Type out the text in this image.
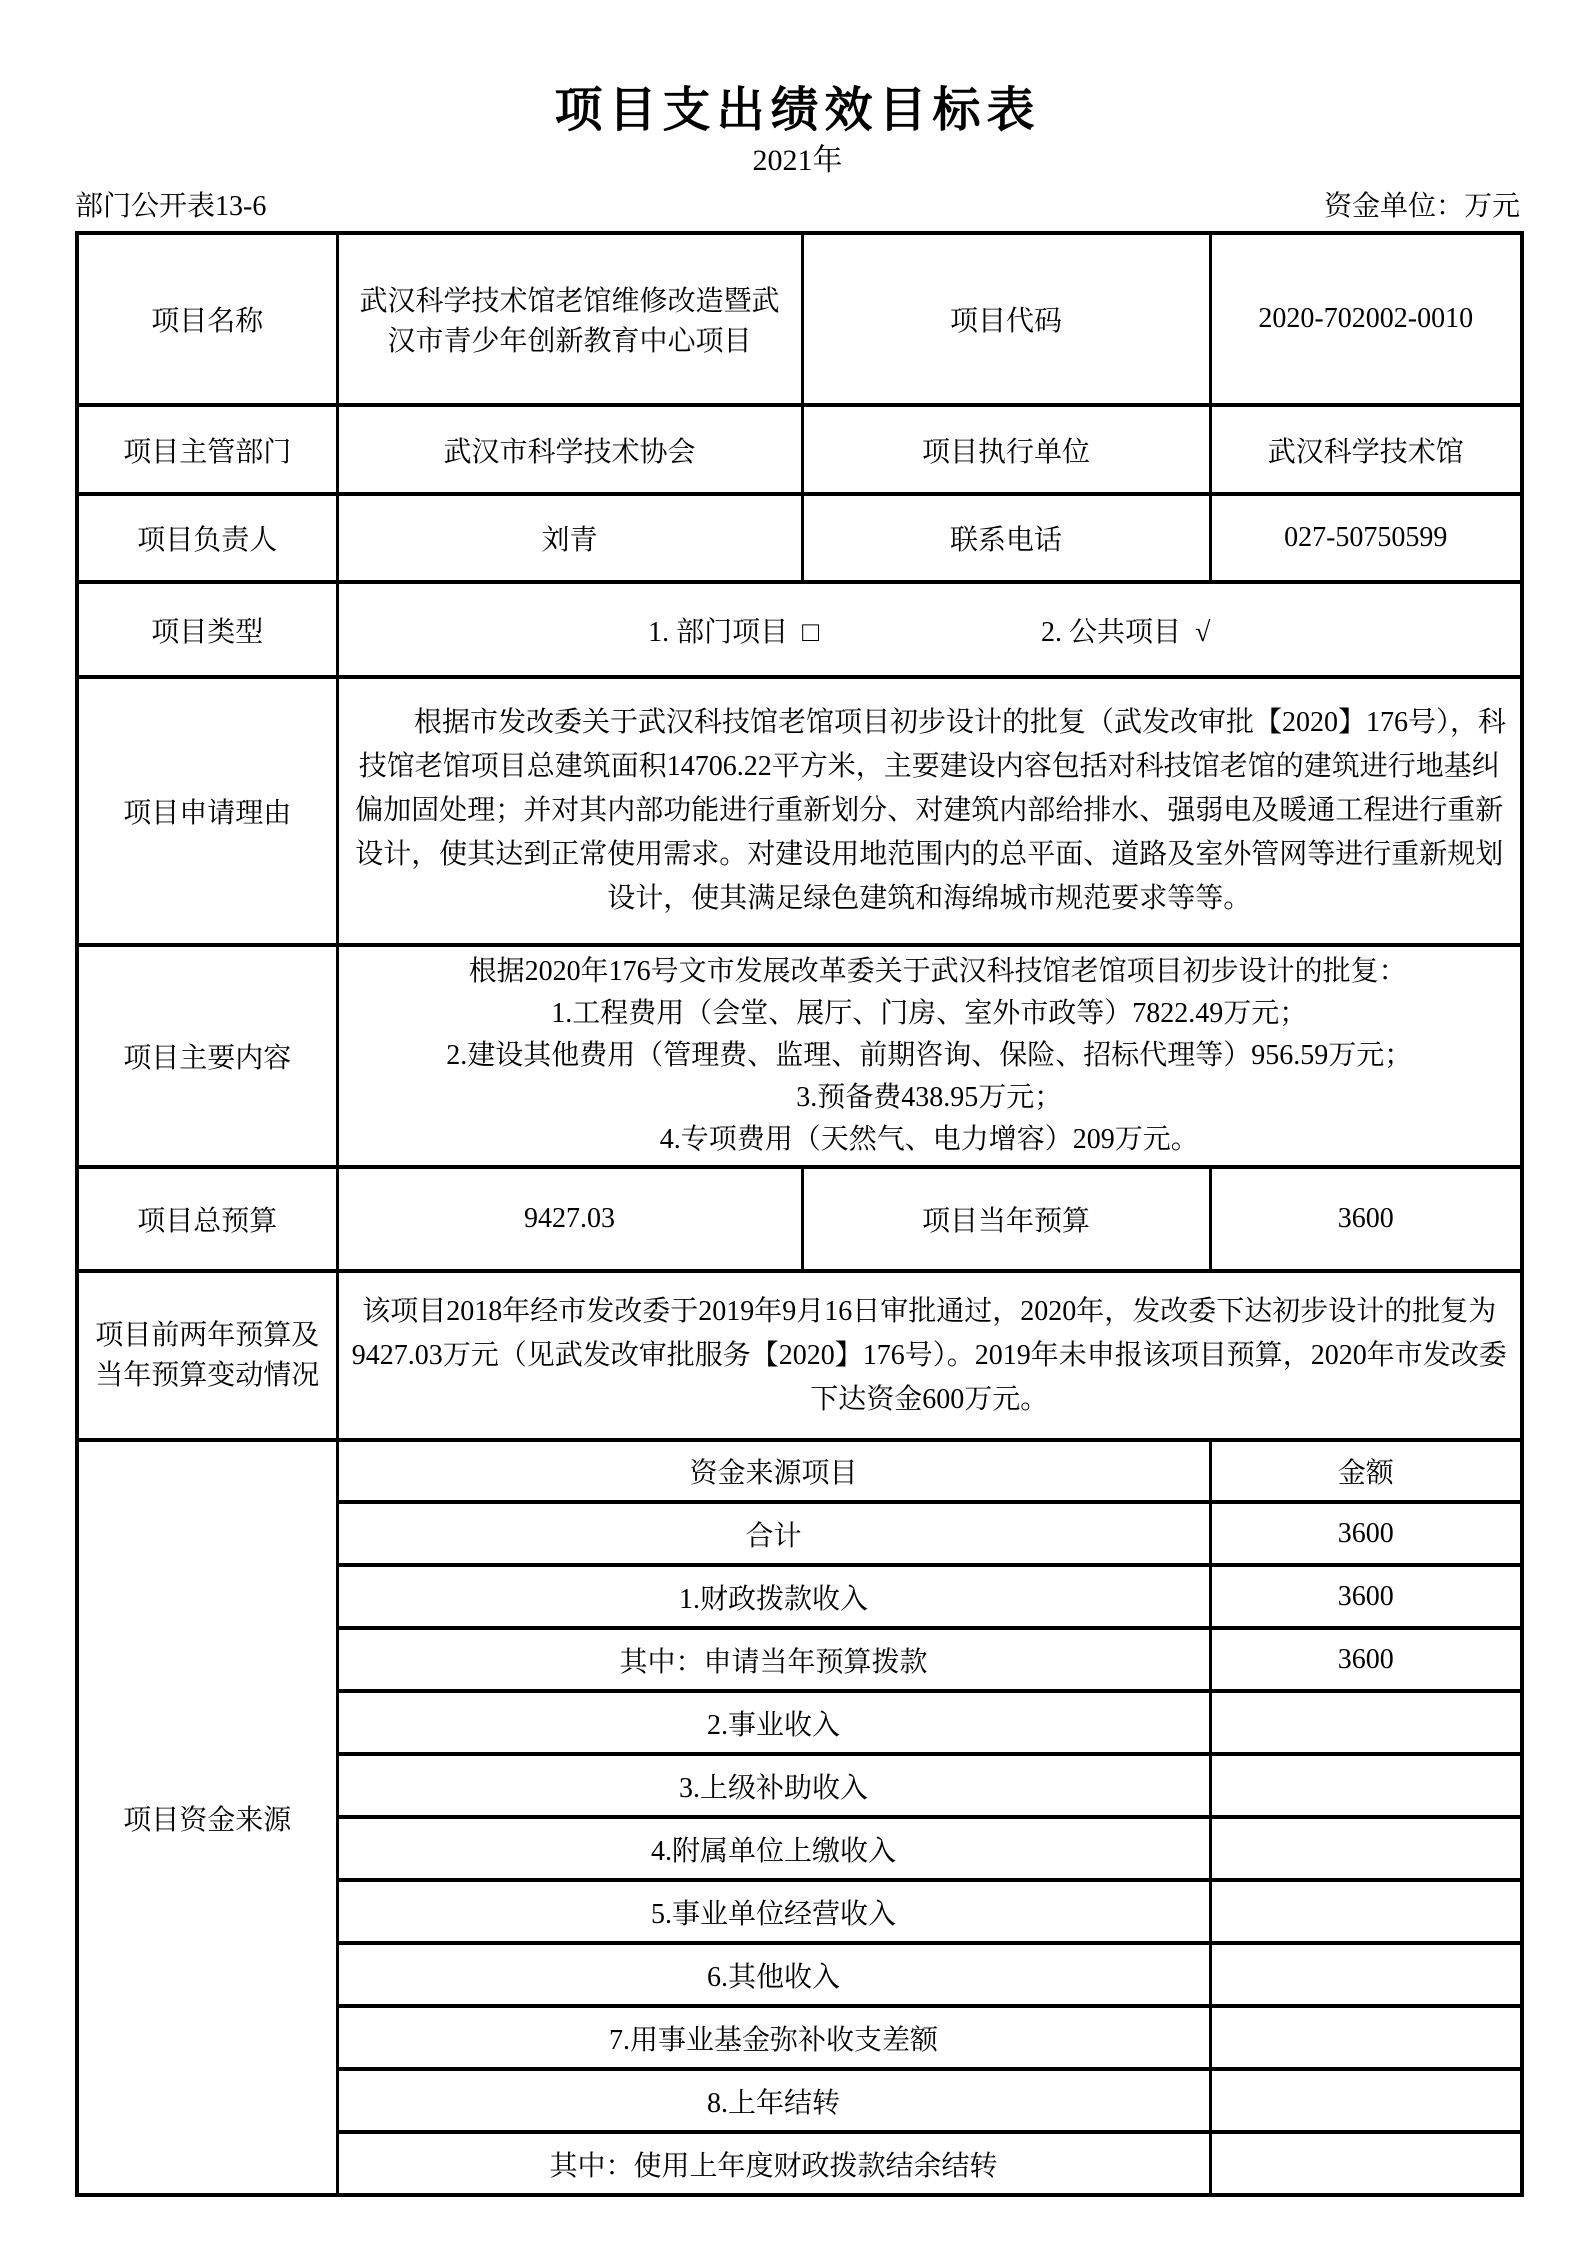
项目支出绩效目标表
2021年
部门公开表13-6	资金单位：万元
项目名称	武汉科学技术馆老馆维修改造暨武汉市青少年创新教育中心项目	项目代码	2020-702002-0010
项目主管部门	武汉市科学技术协会	项目执行单位	武汉科学技术馆
项目负责人	刘青	联系电话	027-50750599
项目类型	1. 部门项目 □ 2. 公共项目 √		
项目申请理由	根据市发改委关于武汉科技馆老馆项目初步设计的批复（武发改审批【2020】176号），科技馆老馆项目总建筑面积14706.22平方米，主要建设内容包括对科技馆老馆的建筑进行地基纠偏加固处理；并对其内部功能进行重新划分、对建筑内部给排水、强弱电及暖通工程进行重新设计，使其达到正常使用需求。对建设用地范围内的总平面、道路及室外管网等进行重新规划设计，使其满足绿色建筑和海绵城市规范要求等等。		
项目主要内容	根据2020年176号文市发展改革委关于武汉科技馆老馆项目初步设计的批复：
1.工程费用（会堂、展厅、门房、室外市政等）7822.49万元；
2.建设其他费用（管理费、监理、前期咨询、保险、招标代理等）956.59万元；
3.预备费438.95万元；
4.专项费用（天然气、电力增容）209万元。		

项目总预算	9427.03	项目当年预算	3600
项目前两年预算及当年预算变动情况	该项目2018年经市发改委于2019年9月16日审批通过，2020年，发改委下达初步设计的批复为9427.03万元（见武发改审批服务【2020】176号）。2019年未申报该项目预算，2020年市发改委下达资金600万元。		
项目资金来源	资金来源项目		金额
	合计		3600
	1.财政拨款收入		3600
	其中：申请当年预算拨款		3600
	2.事业收入		
	3.上级补助收入		
	4.附属单位上缴收入		
	5.事业单位经营收入		
	6.其他收入		
	7.用事业基金弥补收支差额		
	8.上年结转		
	其中：使用上年度财政拨款结余结转		
